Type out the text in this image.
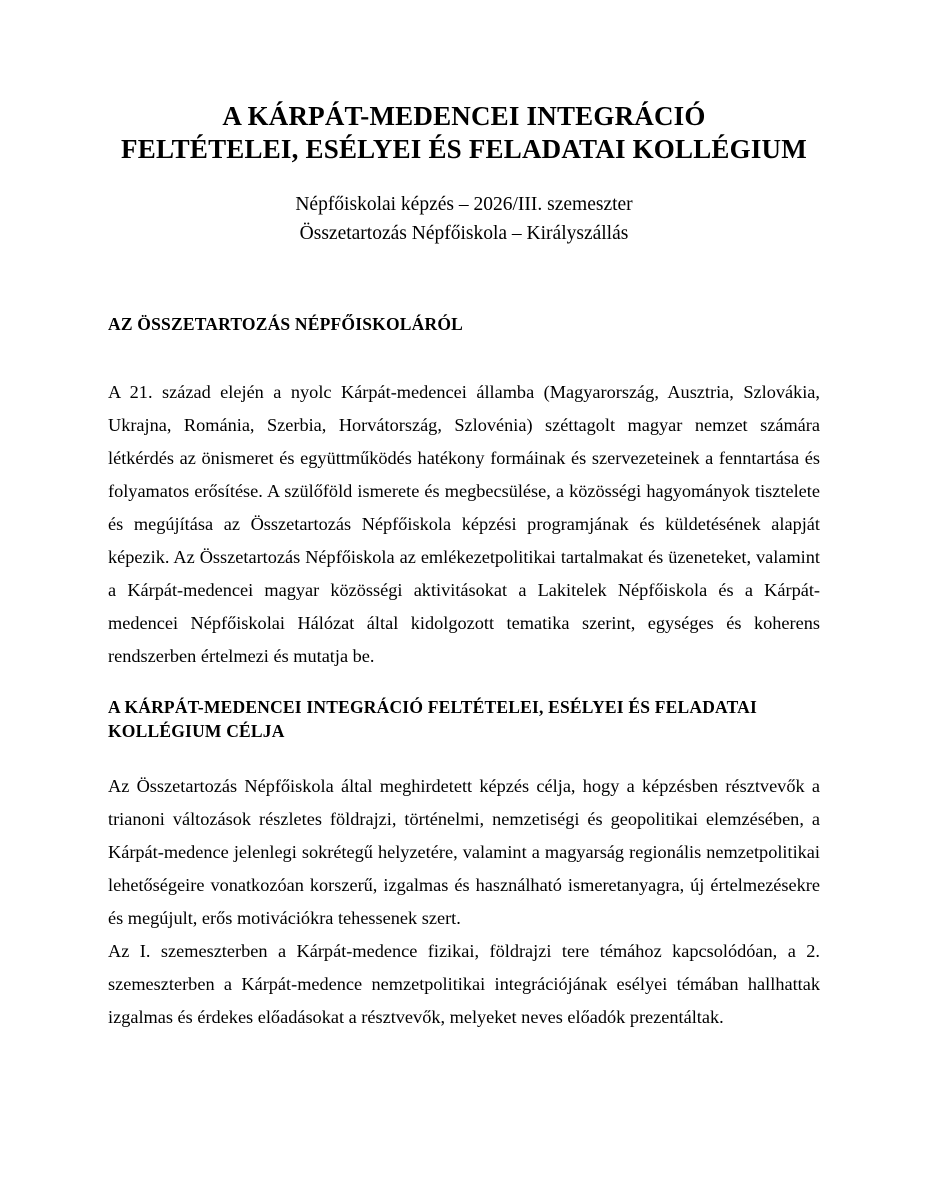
A KÁRPÁT-MEDENCEI INTEGRÁCIÓ
FELTÉTELEI, ESÉLYEI ÉS FELADATAI KOLLÉGIUM
Népfőiskolai képzés – 2026/III. szemeszter
Összetartozás Népfőiskola – Királyszállás
AZ ÖSSZETARTOZÁS NÉPFŐISKOLÁRÓL

A 21. század elején a nyolc Kárpát-medencei államba (Magyarország, Ausztria, Szlovákia, Ukrajna, Románia, Szerbia, Horvátország, Szlovénia) széttagolt magyar nemzet számára létkérdés az önismeret és együttműködés hatékony formáinak és szervezeteinek a fenntartása és folyamatos erősítése. A szülőföld ismerete és megbecsülése, a közösségi hagyományok tisztelete és megújítása az Összetartozás Népfőiskola képzési programjának és küldetésének alapját képezik. Az Összetartozás Népfőiskola az emlékezetpolitikai tartalmakat és üzeneteket, valamint a Kárpát-medencei magyar közösségi aktivitásokat a Lakitelek Népfőiskola és a Kárpát-medencei Népfőiskolai Hálózat által kidolgozott tematika szerint, egységes és koherens rendszerben értelmezi és mutatja be.

A KÁRPÁT-MEDENCEI INTEGRÁCIÓ FELTÉTELEI, ESÉLYEI ÉS FELADATAI KOLLÉGIUM CÉLJA

Az Összetartozás Népfőiskola által meghirdetett képzés célja, hogy a képzésben résztvevők a trianoni változások részletes földrajzi, történelmi, nemzetiségi és geopolitikai elemzésében, a Kárpát-medence jelenlegi sokrétegű helyzetére, valamint a magyarság regionális nemzetpolitikai lehetőségeire vonatkozóan korszerű, izgalmas és használható ismeretanyagra, új értelmezésekre és megújult, erős motivációkra tehessenek szert.

Az I. szemeszterben a Kárpát-medence fizikai, földrajzi tere témához kapcsolódóan, a 2. szemeszterben a Kárpát-medence nemzetpolitikai integrációjának esélyei témában hallhattak izgalmas és érdekes előadásokat a résztvevők, melyeket neves előadók prezentáltak.
